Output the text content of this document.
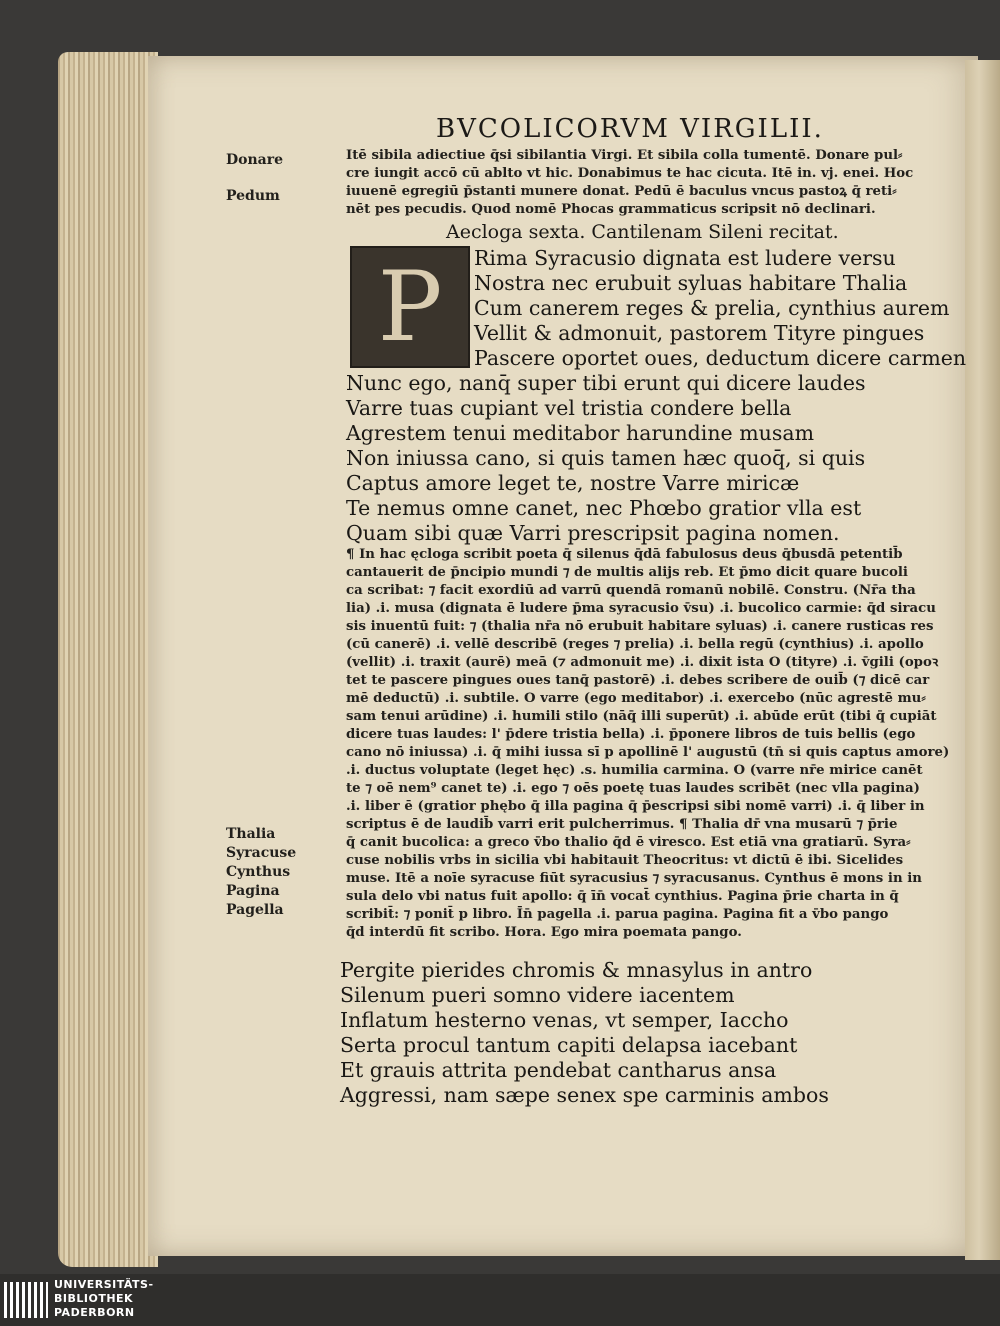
BVCOLICORVM VIRGILII.
Donare
Pedum
Itē sibila adiectiue q̄si sibilantia Virgi. Et sibila colla tumentē. Donare pul⸗
cre iungit accō cū ablto vt hic. Donabimus te hac cicuta. Itē in. vj. enei. Hoc
iuuenē egregiū p̄stanti munere donat. Pedū ē baculus vncus pastoꝝ q̄ reti⸗
nēt pes pecudis. Quod nomē Phocas grammaticus scripsit nō declinari.
Aecloga sexta. Cantilenam Sileni recitat.
P Rima Syracusio dignata est ludere versu
Nostra nec erubuit syluas habitare Thalia
Cum canerem reges & prelia, cynthius aurem
Vellit & admonuit, pastorem Tityre pingues
Pascere oportet oues, deductum dicere carmen
Nunc ego, nanq̄ super tibi erunt qui dicere laudes
Varre tuas cupiant vel tristia condere bella
Agrestem tenui meditabor harundine musam
Non iniussa cano, si quis tamen hæc quoq̄, si quis
Captus amore leget te, nostre Varre miricæ
Te nemus omne canet, nec Phœbo gratior vlla est
Quam sibi quæ Varri prescripsit pagina nomen.
¶ In hac ęcloga scribit poeta q̄ silenus q̄dā fabulosus deus q̄busdā petentib̄
cantauerit de p̄ncipio mundi ⁊ de multis alijs reb. Et p̄mo dicit quare bucoli
ca scribat: ⁊ facit exordiū ad varrū quendā romanū nobilē. Constru. (Nr̄a tha
lia) .i. musa (dignata ē ludere p̄ma syracusio v̄su) .i. bucolico carmi̇e: q̄d siracu
sis inuentū fuit: ⁊ (thalia nr̄a nō erubuit habitare syluas) .i. canere rusticas res
(cū canerē) .i. vellē describē (reges ⁊ prelia) .i. bella regū (cynthius) .i. apollo
(vellit) .i. traxit (aurē) meā (⁊ admonuit me) .i. dixit ista O (tityre) .i. v̄gili (opoꝛ
tet te pascere pingues oues tanq̄ pastorē) .i. debes scribere de ouib̄ (⁊ dicē car
mē deductū) .i. subtile. O varre (ego meditabor) .i. exercebo (nūc agrestē mu⸗
sam tenui arūdine) .i. humili stilo (nāq̄ illi superūt) .i. abūde erūt (tibi q̄ cupiāt
dicere tuas laudes: l' p̄dere tristia bella) .i. p̄ponere libros de tuis bellis (ego
cano nō iniussa) .i. q̄ mihi iussa sī p apollinē l' augustū (tn̄ si quis captus amore)
.i. ductus voluptate (leget hęc) .s. humilia carmina. O (varre nr̄e mirice canēt
te ⁊ oē nem⁹ canet te) .i. ego ⁊ oēs poetę tuas laudes scribēt (nec vlla pagina)
.i. liber ē (gratior phębo q̄ illa pagina q̄ p̄escripsi sibi nomē varri) .i. q̄ liber in
scriptus ē de laudib̄ varri erit pulcherrimus. ¶ Thalia dr̄ vna musarū ⁊ p̄rie
q̄ canit bucolica: a greco v̄bo thalio q̄d ē viresco. Est etiā vna gratiarū. Syra⸗
cuse nobilis vrbs in sicilia vbi habitauit Theocritus: vt dictū ē ibi. Sicelides
muse. Itē a noīe syracuse fiūt syracusius ⁊ syracusanus. Cynthus ē mons in in
sula delo vbi natus fuit apollo: q̄ īn̄ vocat̄ cynthius. Pagina p̄rie charta in q̄
scribit̄: ⁊ ponit̄ p libro. Īn̄ pagella .i. parua pagina. Pagina fit a v̄bo pango
q̄d interdū fit scribo. Hora. Ego mira poemata pango.
Thalia
Syracuse
Cynthus
Pagina
Pagella
Pergite pierides chromis & mnasylus in antro
Silenum pueri somno videre iacentem
Inflatum hesterno venas, vt semper, Iaccho
Serta procul tantum capiti delapsa iacebant
Et grauis attrita pendebat cantharus ansa
Aggressi, nam sæpe senex spe carminis ambos
UNIVERSITÄTS-
BIBLIOTHEK
PADERBORN
